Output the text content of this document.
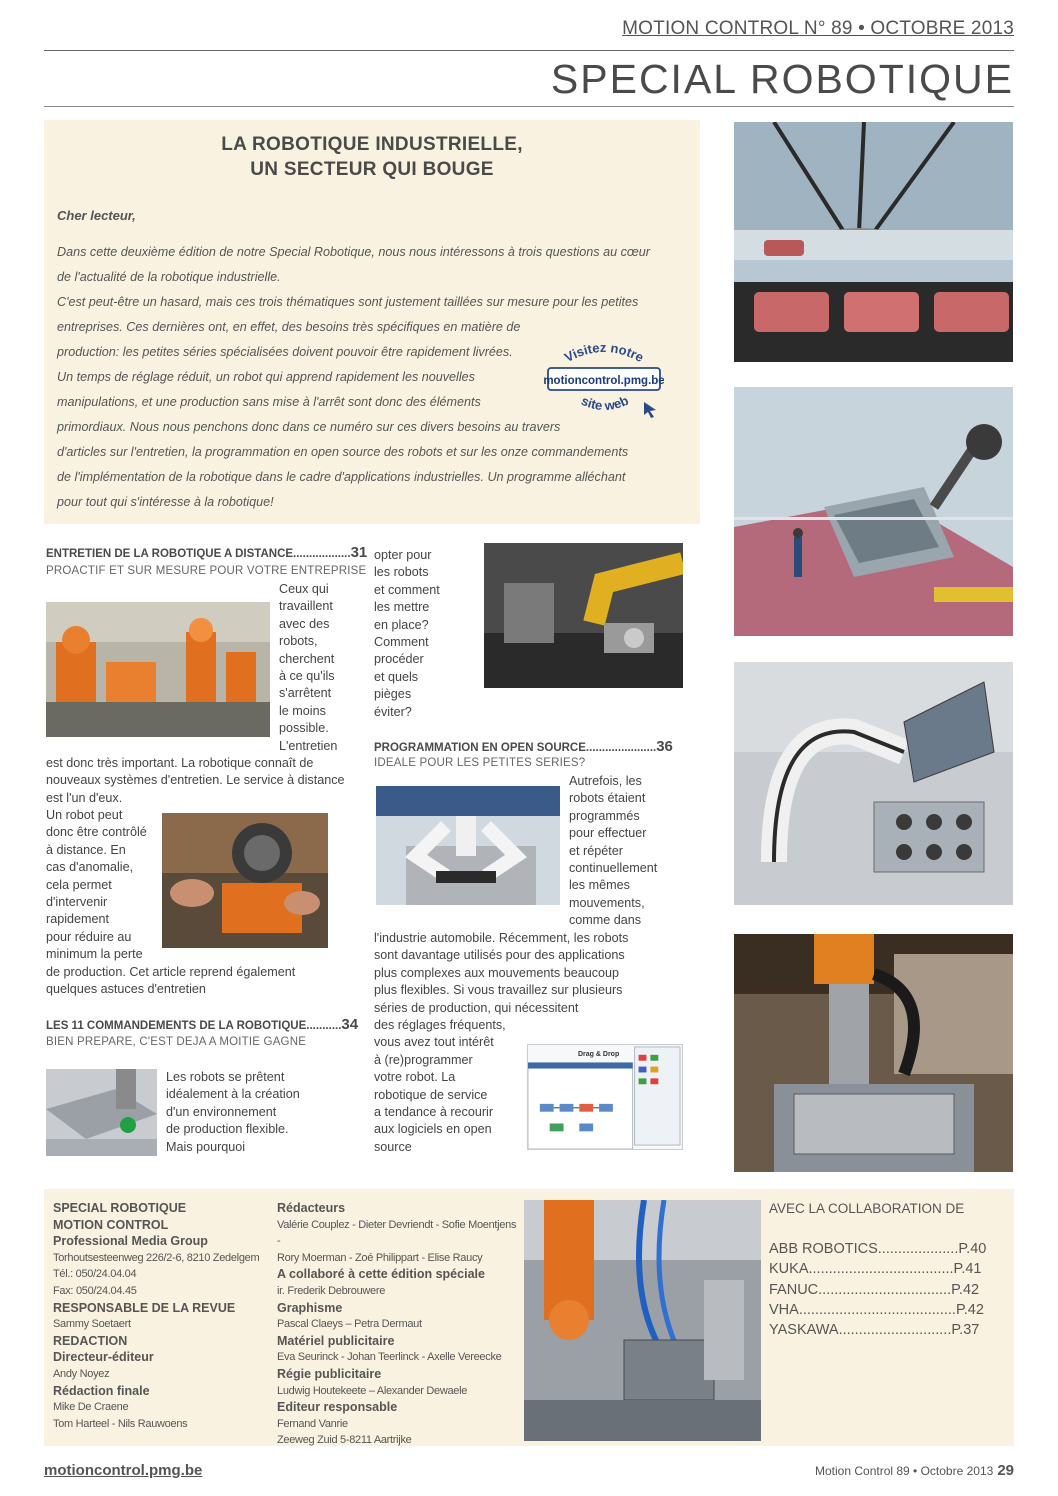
MOTION CONTROL N° 89 • OCTOBRE 2013
SPECIAL ROBOTIQUE
LA ROBOTIQUE INDUSTRIELLE,
UN SECTEUR QUI BOUGE
Cher lecteur,

Dans cette deuxième édition de notre Special Robotique, nous nous intéressons à trois questions au cœur

de l'actualité de la robotique industrielle.

C'est peut-être un hasard, mais ces trois thématiques sont justement taillées sur mesure pour les petites

entreprises. Ces dernières ont, en effet, des besoins très spécifiques en matière de

production: les petites séries spécialisées doivent pouvoir être rapidement livrées.

Un temps de réglage réduit, un robot qui apprend rapidement les nouvelles

manipulations, et une production sans mise à l'arrêt sont donc des éléments

primordiaux. Nous nous penchons donc dans ce numéro sur ces divers besoins au travers

d'articles sur l'entretien, la programmation en open source des robots et sur les onze commandements

de l'implémentation de la robotique dans le cadre d'applications industrielles. Un programme alléchant

pour tout qui s'intéresse à la robotique!

Visitez notre
motioncontrol.pmg.be
site web
ENTRETIEN DE LA ROBOTIQUE A DISTANCE..................31
PROACTIF ET SUR MESURE POUR VOTRE ENTREPRISE
Ceux qui
travaillent
avec des
robots,
cherchent
à ce qu'ils
s'arrêtent
le moins
possible.
L'entretien
est donc très important. La robotique connaît de
nouveaux systèmes d'entretien. Le service à distance
est l'un d'eux.
Un robot peut
donc être contrôlé
à distance. En
cas d'anomalie,
cela permet
d'intervenir
rapidement
pour réduire au
minimum la perte
de production. Cet article reprend également
quelques astuces d'entretien
LES 11 COMMANDEMENTS DE LA ROBOTIQUE...........34
BIEN PREPARE, C'EST DEJA A MOITIE GAGNE
Les robots se prêtent
idéalement à la création
d'un environnement
de production flexible.
Mais pourquoi
opter pour
les robots
et comment
les mettre
en place?
Comment
procéder
et quels
pièges
éviter?
PROGRAMMATION EN OPEN SOURCE......................36
IDEALE POUR LES PETITES SERIES?
Autrefois, les
robots étaient
programmés
pour effectuer
et répéter
continuellement
les mêmes
mouvements,
comme dans
l'industrie automobile. Récemment, les robots
sont davantage utilisés pour des applications
plus complexes aux mouvements beaucoup
plus flexibles. Si vous travaillez sur plusieurs
séries de production, qui nécessitent
des réglages fréquents,
vous avez tout intérêt
à (re)programmer
votre robot. La
robotique de service
a tendance à recourir
aux logiciels en open
source
Drag & Drop
SPECIAL ROBOTIQUE
MOTION CONTROL
Professional Media Group
Torhoutsesteenweg 226/2-6, 8210 Zedelgem
Tél.: 050/24.04.04
Fax: 050/24.04.45
RESPONSABLE DE LA REVUE
Sammy Soetaert
REDACTION
Directeur-éditeur
Andy Noyez
Rédaction finale
Mike De Craene
Tom Harteel - Nils Rauwoens
Rédacteurs
Valérie Couplez - Dieter Devriendt - Sofie Moentjens -
Rory Moerman - Zoé Philippart - Elise Raucy
A collaboré à cette édition spéciale
ir. Frederik Debrouwere
Graphisme
Pascal Claeys – Petra Dermaut
Matériel publicitaire
Eva Seurinck - Johan Teerlinck - Axelle Vereecke
Régie publicitaire
Ludwig Houtekeete – Alexander Dewaele
Editeur responsable
Fernand Vanrie
Zeeweg Zuid 5-8211 Aartrijke
AVEC LA COLLABORATION DE
ABB ROBOTICS....................P.40
KUKA....................................P.41
FANUC.................................P.42
VHA.......................................P.42
YASKAWA............................P.37
motioncontrol.pmg.be	Motion Control 89 • Octobre 2013 29
